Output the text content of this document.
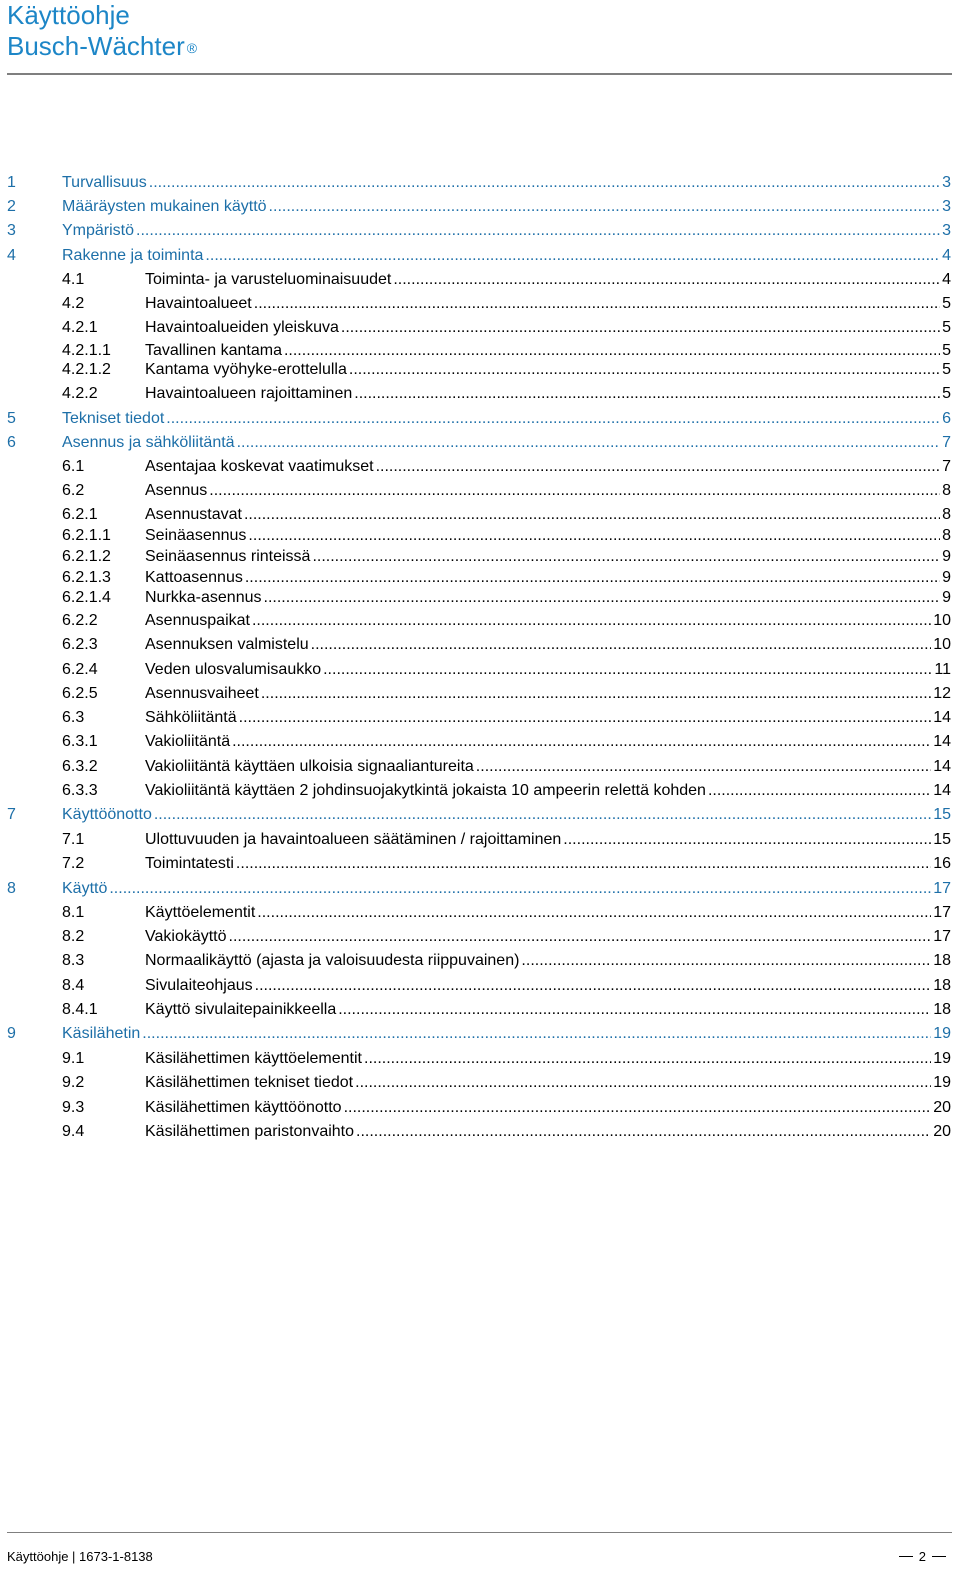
Käyttöohje
Busch-Wächter ®
1	Turvallisuus .....	3
2	Määräysten mukainen käyttö .....	3
3	Ympäristö .....	3
4	Rakenne ja toiminta .....	4
4.1	Toiminta- ja varusteluominaisuudet .....	4
4.2	Havaintoalueet .....	5
4.2.1	Havaintoalueiden yleiskuva .....	5
4.2.1.1 Tavallinen kantama .....	5
4.2.1.2 Kantama vyöhyke-erottelulla .....	5
4.2.2	Havaintoalueen rajoittaminen .....	5
5	Tekniset tiedot .....	6
6	Asennus ja sähköliitäntä .....	7
6.1	Asentajaa koskevat vaatimukset .....	7
6.2	Asennus .....	8
6.2.1	Asennustavat .....	8
6.2.1.1 Seinäasennus .....	8
6.2.1.2 Seinäasennus rinteissä .....	9
6.2.1.3 Kattoasennus .....	9
6.2.1.4 Nurkka-asennus .....	9
6.2.2	Asennuspaikat .....	10
6.2.3	Asennuksen valmistelu .....	10
6.2.4	Veden ulosvalumisaukko .....	11
6.2.5	Asennusvaiheet .....	12
6.3	Sähköliitäntä .....	14
6.3.1	Vakioliitäntä .....	14
6.3.2	Vakioliitäntä käyttäen ulkoisia signaaliantureita .....	14
6.3.3	Vakioliitäntä käyttäen 2 johdinsuojakytkintä jokaista 10 ampeerin relettä kohden .....	14
7	Käyttöönotto .....	15
7.1	Ulottuvuuden ja havaintoalueen säätäminen / rajoittaminen .....	15
7.2	Toimintatesti .....	16
8	Käyttö .....	17
8.1	Käyttöelementit .....	17
8.2	Vakiokäyttö .....	17
8.3	Normaalikäyttö (ajasta ja valoisuudesta riippuvainen) .....	18
8.4	Sivulaiteohjaus .....	18
8.4.1	Käyttö sivulaitepainikkeella .....	18
9	Käsilähetin .....	19
9.1	Käsilähettimen käyttöelementit .....	19
9.2	Käsilähettimen tekniset tiedot .....	19
9.3	Käsilähettimen käyttöönotto .....	20
9.4	Käsilähettimen paristonvaihto .....	20
Käyttöohje | 1673-1-8138	2
